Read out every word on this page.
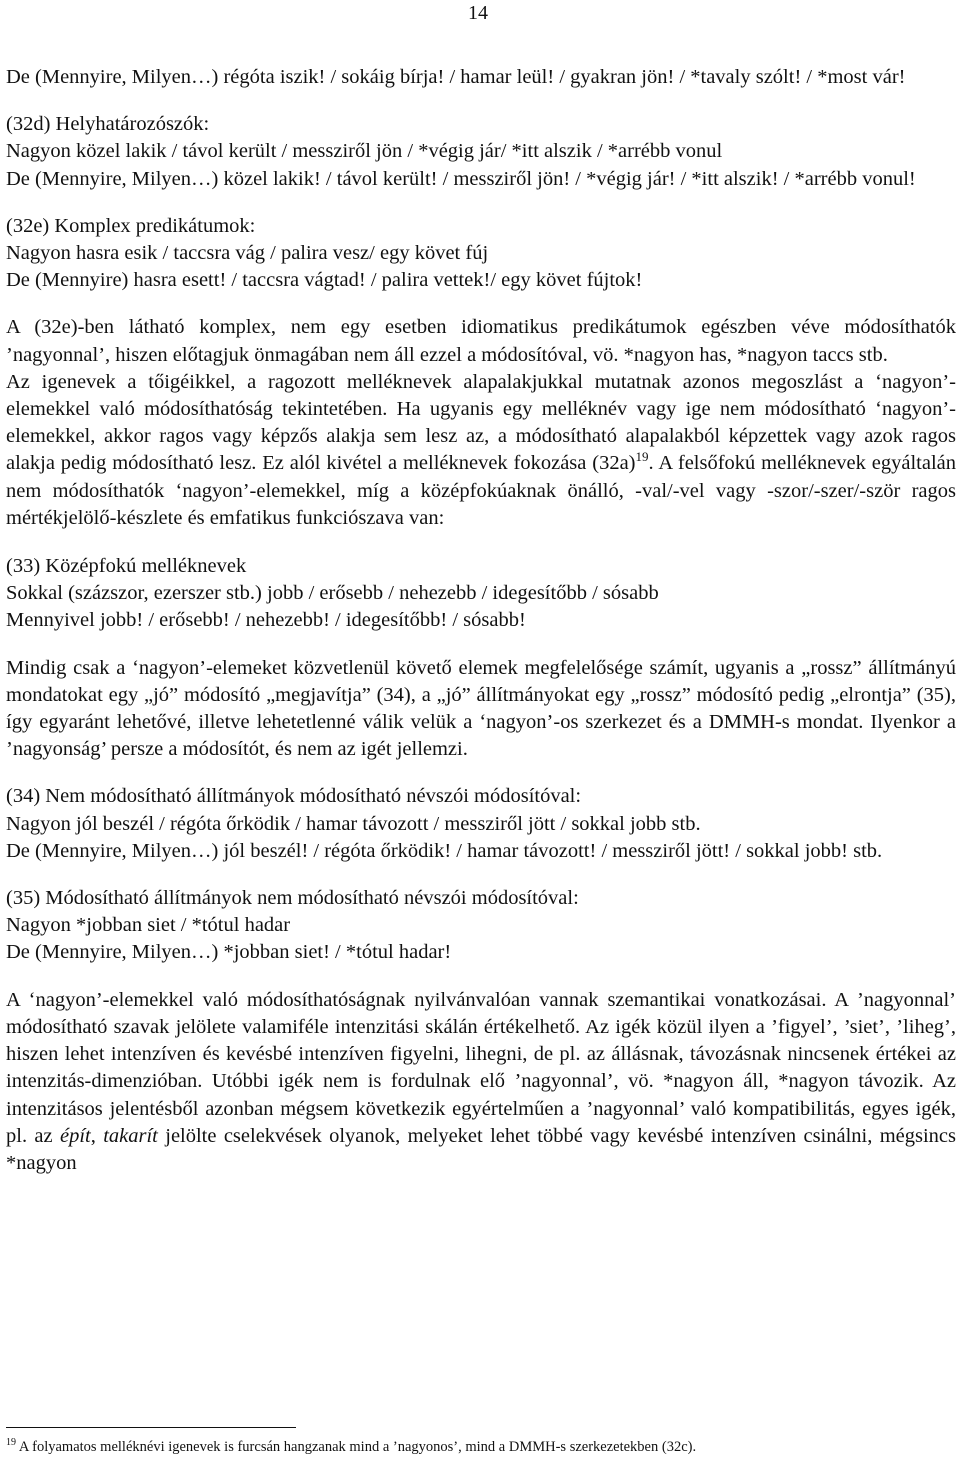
14

De (Mennyire, Milyen…) régóta iszik! / sokáig bírja! / hamar leül! / gyakran jön! / *tavaly szólt! / *most vár!

(32d) Helyhatározószók:

Nagyon közel lakik / távol került / messziről jön / *végig jár/ *itt alszik / *arrébb vonul

De (Mennyire, Milyen…) közel lakik! / távol került! / messziről jön! / *végig jár! / *itt alszik! / *arrébb vonul!

(32e) Komplex predikátumok:

Nagyon hasra esik / taccsra vág / palira vesz/ egy követ fúj

De (Mennyire) hasra esett! / taccsra vágtad! / palira vettek!/ egy követ fújtok!

A (32e)-ben látható komplex, nem egy esetben idiomatikus predikátumok egészben véve módosíthatók ’nagyonnal’, hiszen előtagjuk önmagában nem áll ezzel a módosítóval, vö. *nagyon has, *nagyon taccs stb.

Az igenevek a tőigéikkel, a ragozott melléknevek alapalakjukkal mutatnak azonos megoszlást a ‘nagyon’-elemekkel való módosíthatóság tekintetében. Ha ugyanis egy melléknév vagy ige nem módosítható ‘nagyon’-elemekkel, akkor ragos vagy képzős alakja sem lesz az, a módosítható alapalakból képzettek vagy azok ragos alakja pedig módosítható lesz. Ez alól kivétel a melléknevek fokozása $(32a)^{19}$. A felsőfokú melléknevek egyáltalán nem módosíthatók ‘nagyon’-elemekkel, míg a középfokúaknak önálló, -val/-vel vagy -szor/-szer/-ször ragos mértékjelölő-készlete és emfatikus funkciószava van:

(33) Középfokú melléknevek

Sokkal (százszor, ezerszer stb.) jobb / erősebb / nehezebb / idegesítőbb / sósabb

Mennyivel jobb! / erősebb! / nehezebb! / idegesítőbb! / sósabb!

Mindig csak a ‘nagyon’-elemeket közvetlenül követő elemek megfelelősége számít, ugyanis a „rossz” állítmányú mondatokat egy „jó” módosító „megjavítja” (34), a „jó” állítmányokat egy „rossz” módosító pedig „elrontja” (35), így egyaránt lehetővé, illetve lehetetlenné válik velük a ‘nagyon’-os szerkezet és a DMMH-s mondat. Ilyenkor a ’nagyonság’ persze a módosítót, és nem az igét jellemzi.

(34) Nem módosítható állítmányok módosítható névszói módosítóval:

Nagyon jól beszél / régóta őrködik / hamar távozott / messziről jött / sokkal jobb stb.

De (Mennyire, Milyen…) jól beszél! / régóta őrködik! / hamar távozott! / messziről jött! / sokkal jobb! stb.

(35) Módosítható állítmányok nem módosítható névszói módosítóval:

Nagyon *jobban siet / *tótul hadar

De (Mennyire, Milyen…) *jobban siet! / *tótul hadar!

A ‘nagyon’-elemekkel való módosíthatóságnak nyilvánvalóan vannak szemantikai vonatkozásai. A ’nagyonnal’ módosítható szavak jelölete valamiféle intenzitási skálán értékelhető. Az igék közül ilyen a ’figyel’, ’siet’, ’liheg’, hiszen lehet intenzíven és kevésbé intenzíven figyelni, lihegni, de pl. az állásnak, távozásnak nincsenek értékei az intenzitás-dimenzióban. Utóbbi igék nem is fordulnak elő ’nagyonnal’, vö. *nagyon áll, *nagyon távozik. Az intenzitásos jelentésből azonban mégsem következik egyértelműen a ’nagyonnal’ való kompatibilitás, egyes igék, pl. az épít, takarít jelölte cselekvések olyanok, melyeket lehet többé vagy kevésbé intenzíven csinálni, mégsincs *nagyon

$^{19}$ A folyamatos melléknévi igenevek is furcsán hangzanak mind a ’nagyonos’, mind a DMMH-s szerkezetekben (32c).
